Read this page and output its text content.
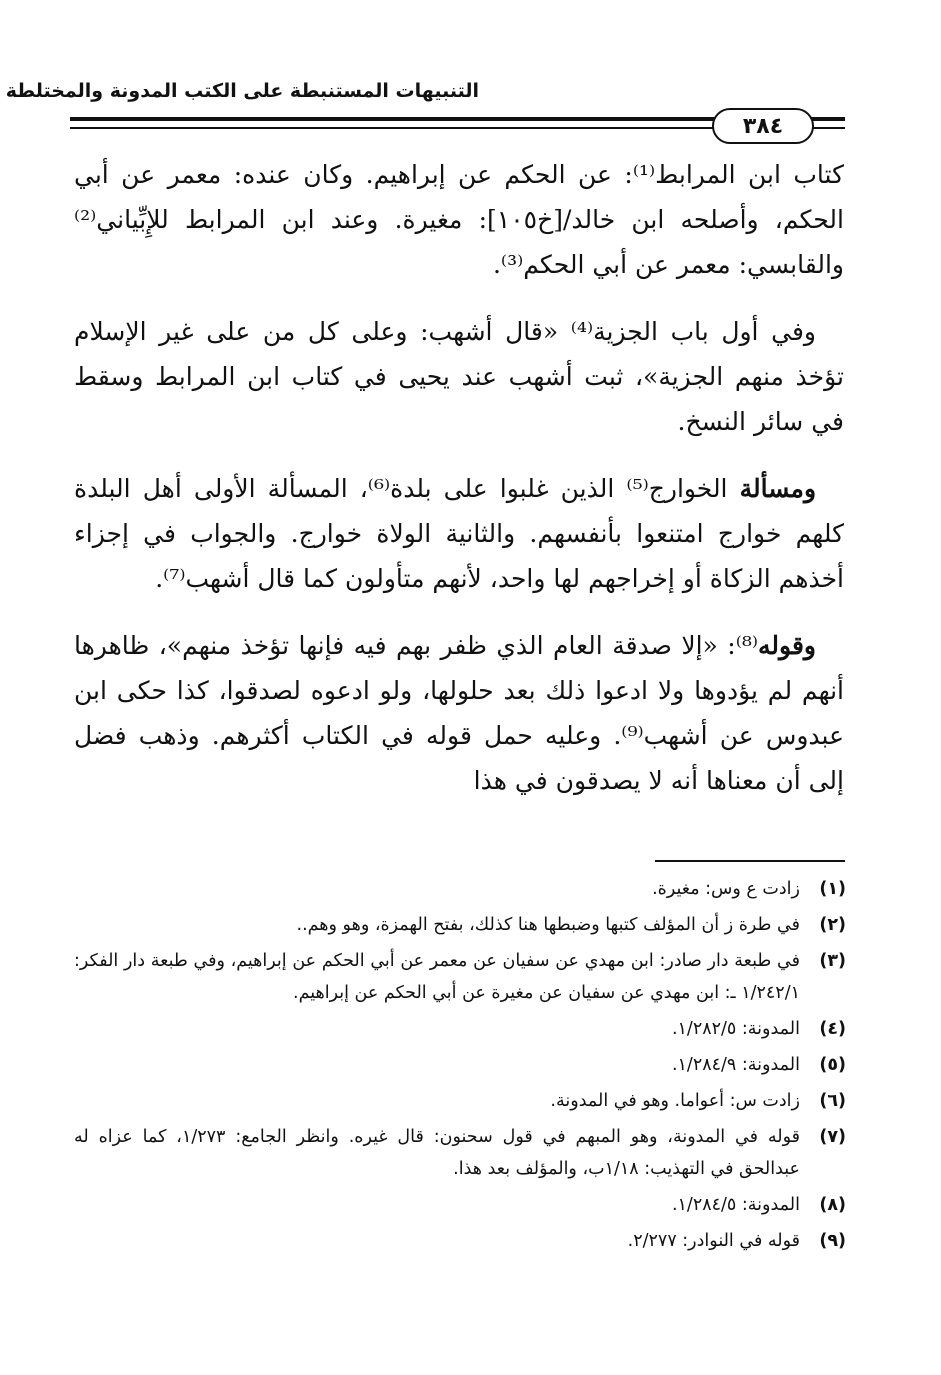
التنبيهات المستنبطة على الكتب المدونة والمختلطة
٣٨٤

كتاب ابن المرابط⁽¹⁾: عن الحكم عن إبراهيم. وكان عنده: معمر عن أبي الحكم، وأصلحه ابن خالد/[خ١٠٥]: مغيرة. وعند ابن المرابط للإِبِّياني⁽²⁾ والقابسي: معمر عن أبي الحكم⁽³⁾.

وفي أول باب الجزية⁽⁴⁾ «قال أشهب: وعلى كل من على غير الإسلام تؤخذ منهم الجزية»، ثبت أشهب عند يحيى في كتاب ابن المرابط وسقط في سائر النسخ.

ومسألة الخوارج⁽⁵⁾ الذين غلبوا على بلدة⁽⁶⁾، المسألة الأولى أهل البلدة كلهم خوارج امتنعوا بأنفسهم. والثانية الولاة خوارج. والجواب في إجزاء أخذهم الزكاة أو إخراجهم لها واحد، لأنهم متأولون كما قال أشهب⁽⁷⁾.

وقوله⁽⁸⁾: «إلا صدقة العام الذي ظفر بهم فيه فإنها تؤخذ منهم»، ظاهرها أنهم لم يؤدوها ولا ادعوا ذلك بعد حلولها، ولو ادعوه لصدقوا، كذا حكى ابن عبدوس عن أشهب⁽⁹⁾. وعليه حمل قوله في الكتاب أكثرهم. وذهب فضل إلى أن معناها أنه لا يصدقون في هذا

(١)
زادت ع وس: مغيرة.
(٢)
في طرة ز أن المؤلف كتبها وضبطها هنا كذلك، بفتح الهمزة، وهو وهم..
(٣)
في طبعة دار صادر: ابن مهدي عن سفيان عن معمر عن أبي الحكم عن إبراهيم، وفي طبعة دار الفكر: ١/٢٤٢/١ ـ: ابن مهدي عن سفيان عن مغيرة عن أبي الحكم عن إبراهيم.
(٤)
المدونة: ١/٢٨٢/٥.
(٥)
المدونة: ١/٢٨٤/٩.
(٦)
زادت س: أعواما. وهو في المدونة.
(٧)
قوله في المدونة، وهو المبهم في قول سحنون: قال غيره. وانظر الجامع: ١/٢٧٣، كما عزاه له عبدالحق في التهذيب: ١/١٨ب، والمؤلف بعد هذا.
(٨)
المدونة: ١/٢٨٤/٥.
(٩)
قوله في النوادر: ٢/٢٧٧.
